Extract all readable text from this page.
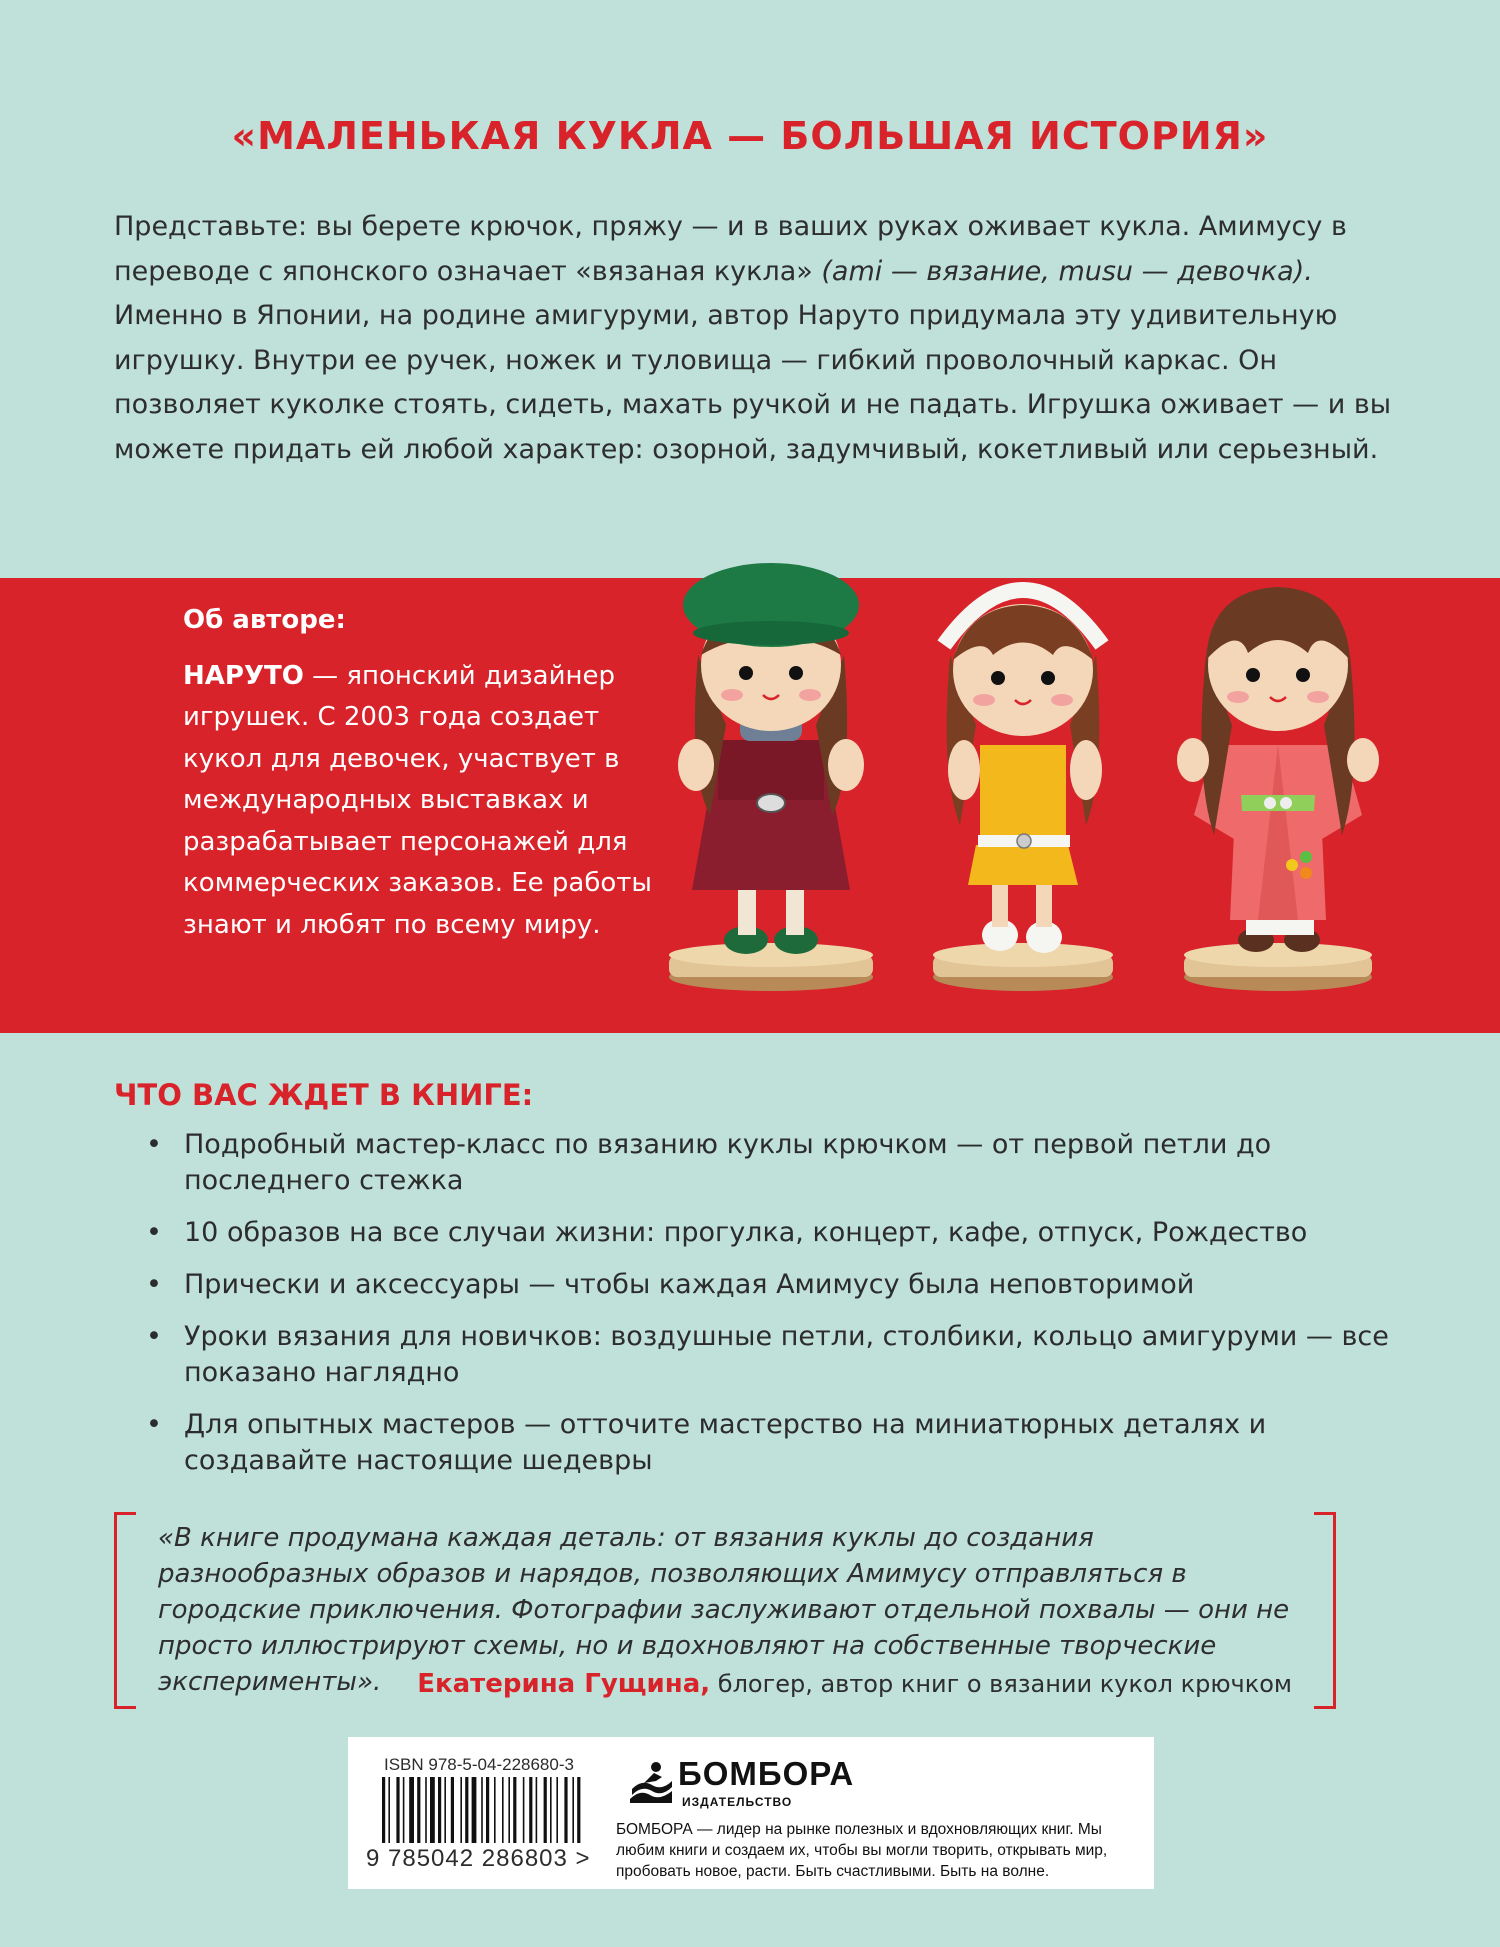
«МАЛЕНЬКАЯ КУКЛА — БОЛЬШАЯ ИСТОРИЯ»

Представьте: вы берете крючок, пряжу — и в ваших руках оживает кукла. Амимусу в переводе с японского означает «вязаная кукла» (ami — вязание, musu — девочка). Именно в Японии, на родине амигуруми, автор Наруто придумала эту удивительную игрушку. Внутри ее ручек, ножек и туловища — гибкий проволочный каркас. Он позволяет куколке стоять, сидеть, махать ручкой и не падать. Игрушка оживает — и вы можете придать ей любой характер: озорной, задумчивый, кокетливый или серьезный.

Об авторе:
НАРУТО — японский дизайнер игрушек. С 2003 года создает кукол для девочек, участвует в международных выставках и разрабатывает персонажей для коммерческих заказов. Ее работы знают и любят по всему миру.
ЧТО ВАС ЖДЕТ В КНИГЕ:
• Подробный мастер-класс по вязанию куклы крючком — от первой петли до последнего стежка
• 10 образов на все случаи жизни: прогулка, концерт, кафе, отпуск, Рождество
• Прически и аксессуары — чтобы каждая Амимусу была неповторимой
• Уроки вязания для новичков: воздушные петли, столбики, кольцо амигуруми — все показано наглядно
• Для опытных мастеров — отточите мастерство на миниатюрных деталях и создавайте настоящие шедевры
«В книге продумана каждая деталь: от вязания куклы до создания разнообразных образов и нарядов, позволяющих Амимусу отправляться в городские приключения. Фотографии заслуживают отдельной похвалы — они не просто иллюстрируют схемы, но и вдохновляют на собственные творческие эксперименты».	Екатерина Гущина, блогер, автор книг о вязании кукол крючком
ISBN 978-5-04-228680-3
9 785042 286803 >
БОМБОРА
ИЗДАТЕЛЬСТВО
БОМБОРА — лидер на рынке полезных и вдохновляющих книг. Мы любим книги и создаем их, чтобы вы могли творить, открывать мир, пробовать новое, расти. Быть счастливыми. Быть на волне.
